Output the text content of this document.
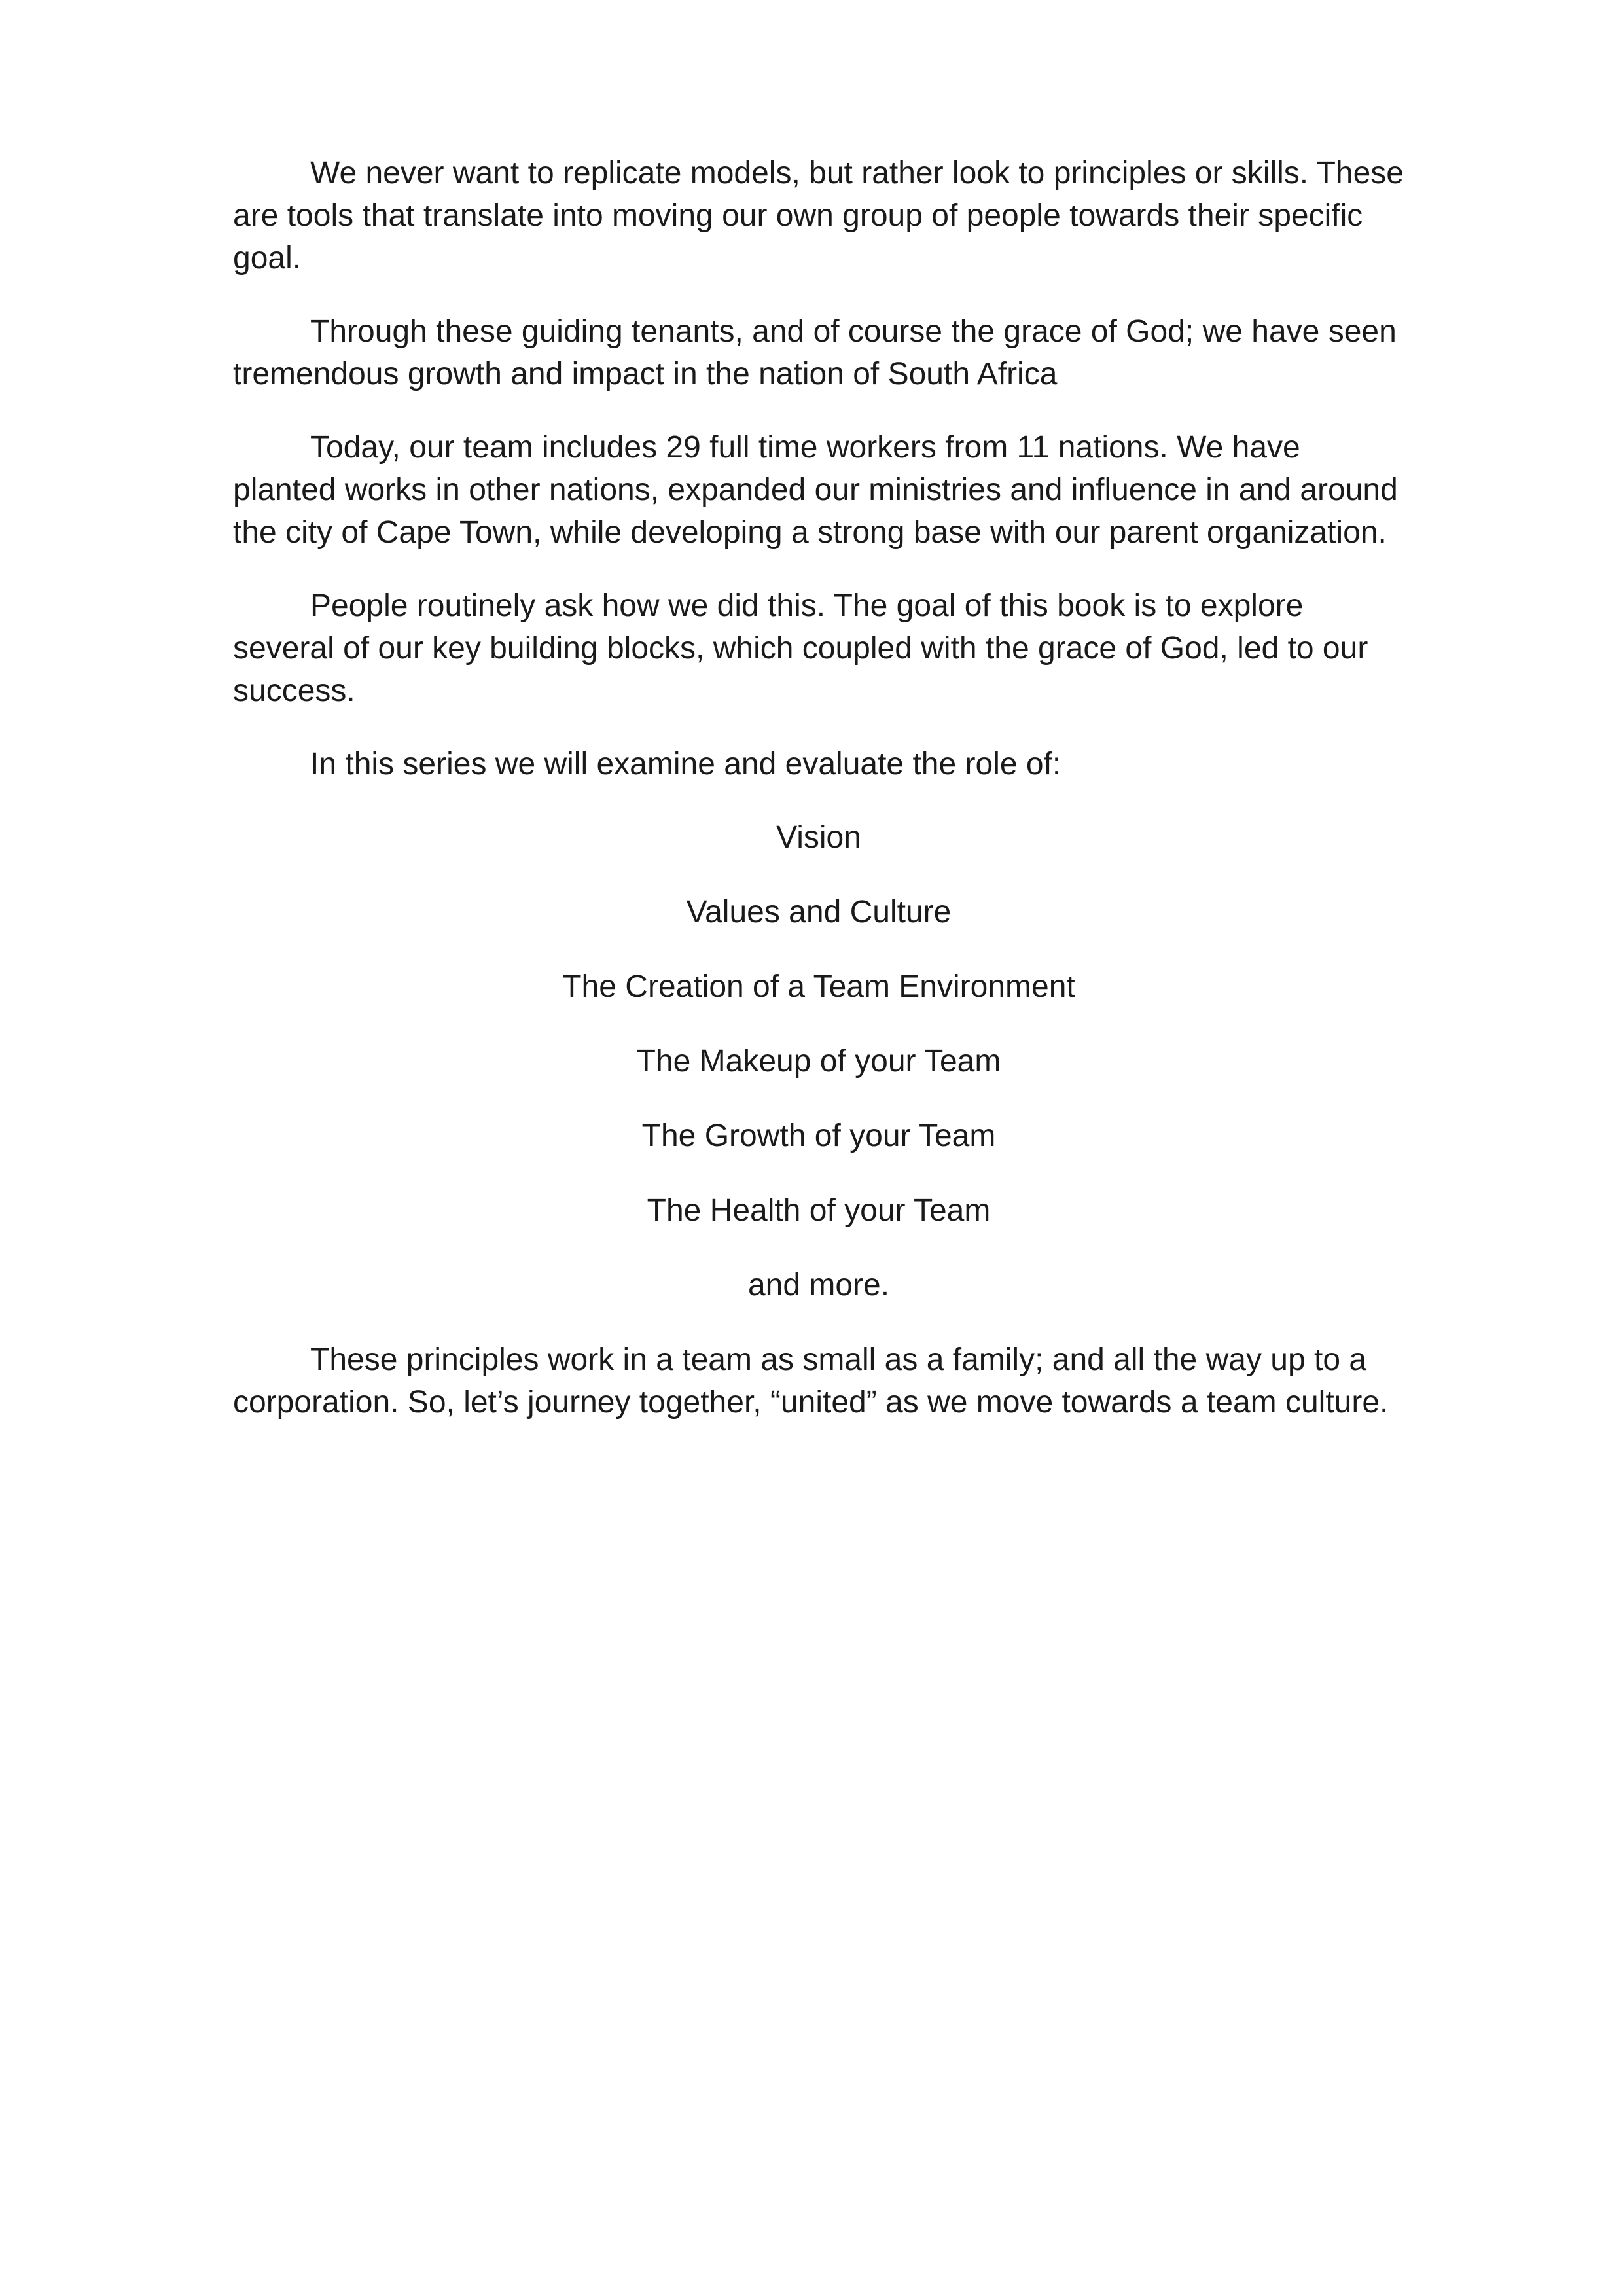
We never want to replicate models, but rather look to principles or skills. These are tools that translate into moving our own group of people towards their specific goal.

Through these guiding tenants, and of course the grace of God; we have seen tremendous growth and impact in the nation of South Africa

Today, our team includes 29 full time workers from 11 nations. We have planted works in other nations, expanded our ministries and influence in and around the city of Cape Town, while developing a strong base with our parent organization.

People routinely ask how we did this. The goal of this book is to explore several of our key building blocks, which coupled with the grace of God, led to our success.

In this series we will examine and evaluate the role of:

Vision

Values and Culture

The Creation of a Team Environment

The Makeup of your Team

The Growth of your Team

The Health of your Team

and more.

These principles work in a team as small as a family; and all the way up to a corporation. So, let’s journey together, “united” as we move towards a team culture.
